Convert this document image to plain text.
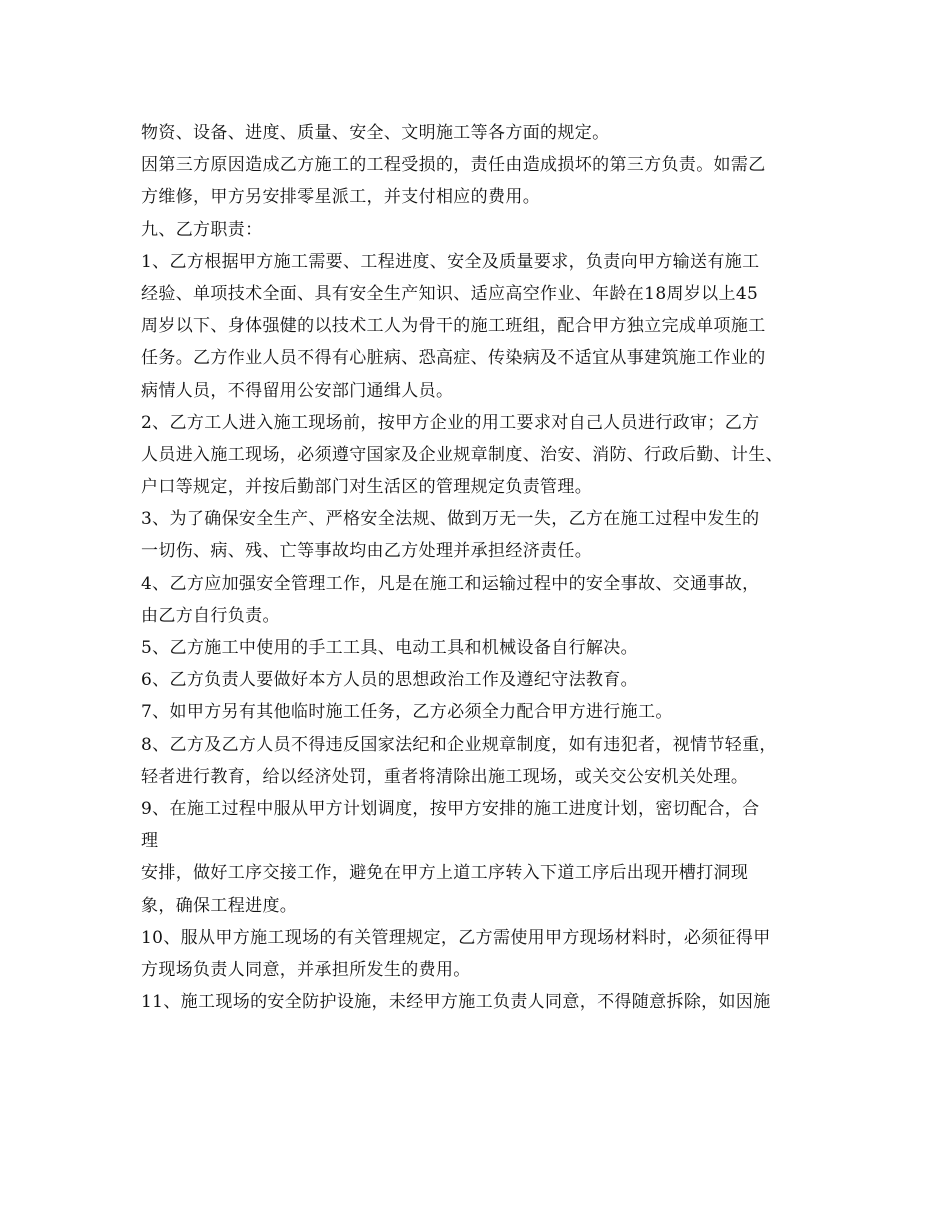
物资、设备、进度、质量、安全、文明施工等各方面的规定。
因第三方原因造成乙方施工的工程受损的，责任由造成损坏的第三方负责。如需乙
方维修，甲方另安排零星派工，并支付相应的费用。
九、乙方职责：
1、乙方根据甲方施工需要、工程进度、安全及质量要求，负责向甲方输送有施工
经验、单项技术全面、具有安全生产知识、适应高空作业、年龄在18周岁以上45
周岁以下、身体强健的以技术工人为骨干的施工班组，配合甲方独立完成单项施工
任务。乙方作业人员不得有心脏病、恐高症、传染病及不适宜从事建筑施工作业的
病情人员，不得留用公安部门通缉人员。
2、乙方工人进入施工现场前，按甲方企业的用工要求对自己人员进行政审；乙方
人员进入施工现场，必须遵守国家及企业规章制度、治安、消防、行政后勤、计生、
户口等规定，并按后勤部门对生活区的管理规定负责管理。
3、为了确保安全生产、严格安全法规、做到万无一失，乙方在施工过程中发生的
一切伤、病、残、亡等事故均由乙方处理并承担经济责任。
4、乙方应加强安全管理工作，凡是在施工和运输过程中的安全事故、交通事故，
由乙方自行负责。
5、乙方施工中使用的手工工具、电动工具和机械设备自行解决。
6、乙方负责人要做好本方人员的思想政治工作及遵纪守法教育。
7、如甲方另有其他临时施工任务，乙方必须全力配合甲方进行施工。
8、乙方及乙方人员不得违反国家法纪和企业规章制度，如有违犯者，视情节轻重，
轻者进行教育，给以经济处罚，重者将清除出施工现场，或关交公安机关处理。
9、在施工过程中服从甲方计划调度，按甲方安排的施工进度计划，密切配合，合
理
安排，做好工序交接工作，避免在甲方上道工序转入下道工序后出现开槽打洞现
象，确保工程进度。
10、服从甲方施工现场的有关管理规定，乙方需使用甲方现场材料时，必须征得甲
方现场负责人同意，并承担所发生的费用。
11、施工现场的安全防护设施，未经甲方施工负责人同意，不得随意拆除，如因施
